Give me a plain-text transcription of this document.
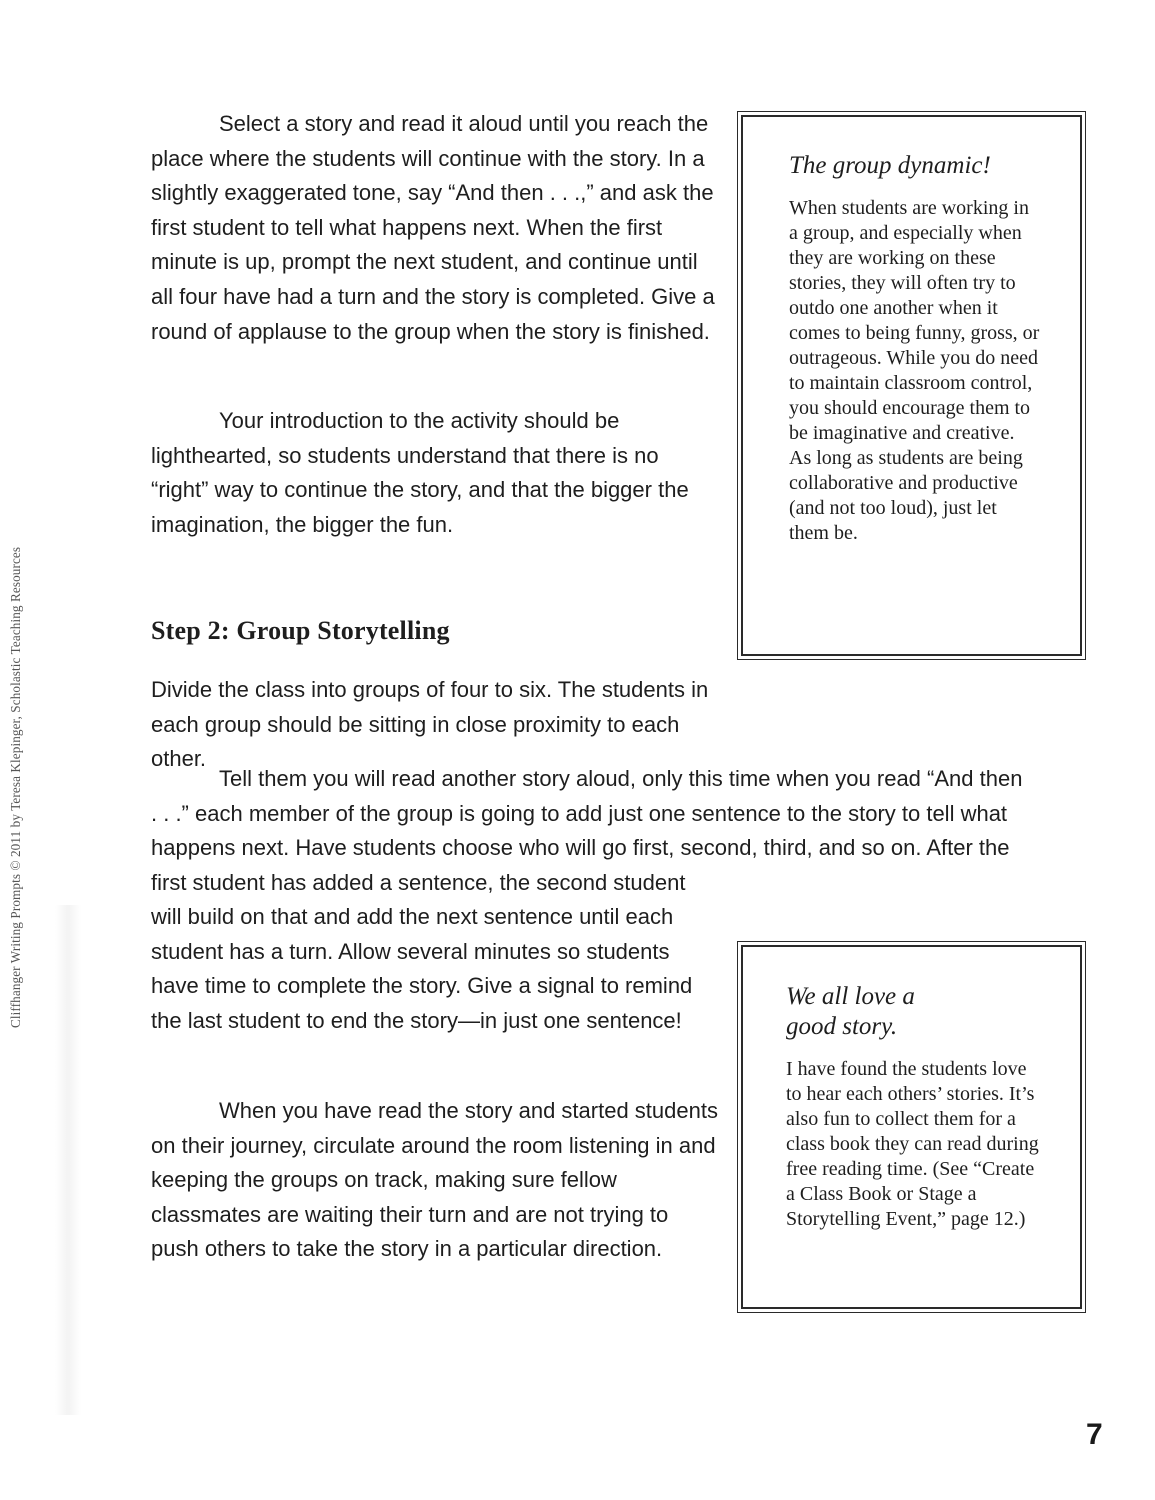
Cliffhanger Writing Prompts © 2011 by Teresa Klepinger, Scholastic Teaching Resources

Select a story and read it aloud until you reach the place where the students will continue with the story. In a slightly exaggerated tone, say “And then . . .,” and ask the first student to tell what happens next. When the first minute is up, prompt the next student, and continue until all four have had a turn and the story is completed. Give a round of applause to the group when the story is finished.

Your introduction to the activity should be lighthearted, so students understand that there is no “right” way to continue the story, and that the bigger the imagination, the bigger the fun.

Step 2: Group Storytelling

Divide the class into groups of four to six. The students in each group should be sitting in close proximity to each other.

Tell them you will read another story aloud, only this time when you read “And then . . .” each member of the group is going to add just one sentence to the story to tell what happens next. Have students choose who will go first, second, third, and so on. After the first student has added a sentence, the second student

will build on that and add the next sentence until each student has a turn. Allow several minutes so students have time to complete the story. Give a signal to remind the last student to end the story—in just one sentence!

When you have read the story and started students on their journey, circulate around the room listening in and keeping the groups on track, making sure fellow classmates are waiting their turn and are not trying to push others to take the story in a particular direction.

The group dynamic!

When students are working in a group, and especially when they are working on these stories, they will often try to outdo one another when it comes to being funny, gross, or outrageous. While you do need to maintain classroom control, you should encourage them to be imaginative and creative. As long as students are being collaborative and productive (and not too loud), just let them be.

We all love a good story.

I have found the students love to hear each others’ stories. It’s also fun to collect them for a class book they can read during free reading time. (See “Create a Class Book or Stage a Storytelling Event,” page 12.)

7
